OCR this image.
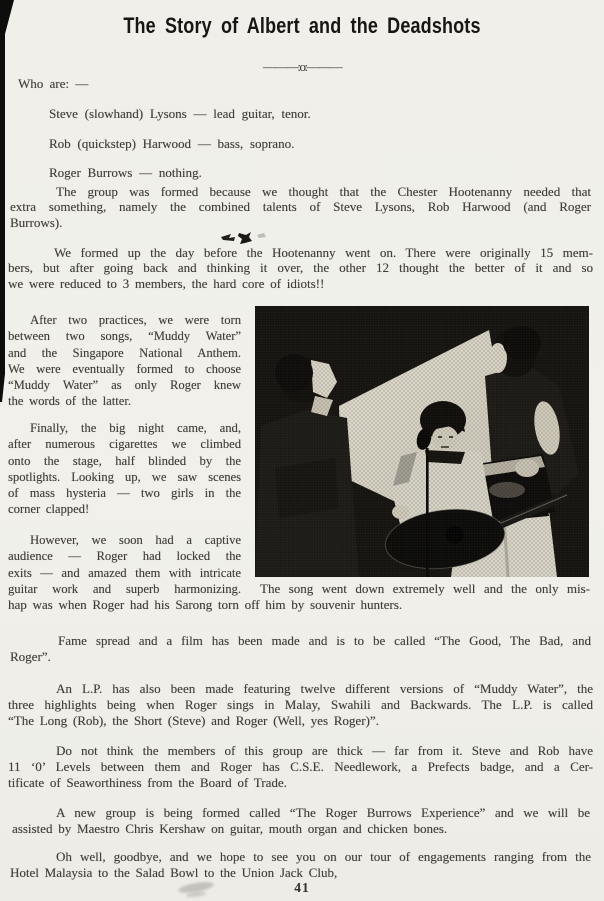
The Story of Albert and the Deadshots
———:o:———
Who are: —
Steve (slowhand) Lysons — lead guitar, tenor.
Rob (quickstep) Harwood — bass, soprano.
Roger Burrows — nothing.
The group was formed because we thought that the Chester Hootenanny needed that
extra something, namely the combined talents of Steve Lysons, Rob Harwood (and Roger
Burrows).
We formed up the day before the Hootenanny went on. There were originally 15 mem-
bers, but after going back and thinking it over, the other 12 thought the better of it and so
we were reduced to 3 members, the hard core of idiots!!
After two practices, we were torn
between two songs, “Muddy Water”
and the Singapore National Anthem.
We were eventually formed to choose
“Muddy Water” as only Roger knew
the words of the latter.
Finally, the big night came, and,
after numerous cigarettes we climbed
onto the stage, half blinded by the
spotlights. Looking up, we saw scenes
of mass hysteria — two girls in the
corner clapped!
However, we soon had a captive
audience — Roger had locked the
exits — and amazed them with intricate
guitar work and superb harmonizing. The song went down extremely well and the only mis-
hap was when Roger had his Sarong torn off him by souvenir hunters.
Fame spread and a film has been made and is to be called “The Good, The Bad, and
Roger”.
An L.P. has also been made featuring twelve different versions of “Muddy Water”, the
three highlights being when Roger sings in Malay, Swahili and Backwards. The L.P. is called
“The Long (Rob), the Short (Steve) and Roger (Well, yes Roger)”.
Do not think the members of this group are thick — far from it. Steve and Rob have
11 ‘0’ Levels between them and Roger has C.S.E. Needlework, a Prefects badge, and a Cer-
tificate of Seaworthiness from the Board of Trade.
A new group is being formed called “The Roger Burrows Experience” and we will be
assisted by Maestro Chris Kershaw on guitar, mouth organ and chicken bones.
Oh well, goodbye, and we hope to see you on our tour of engagements ranging from the
Hotel Malaysia to the Salad Bowl to the Union Jack Club,
41
